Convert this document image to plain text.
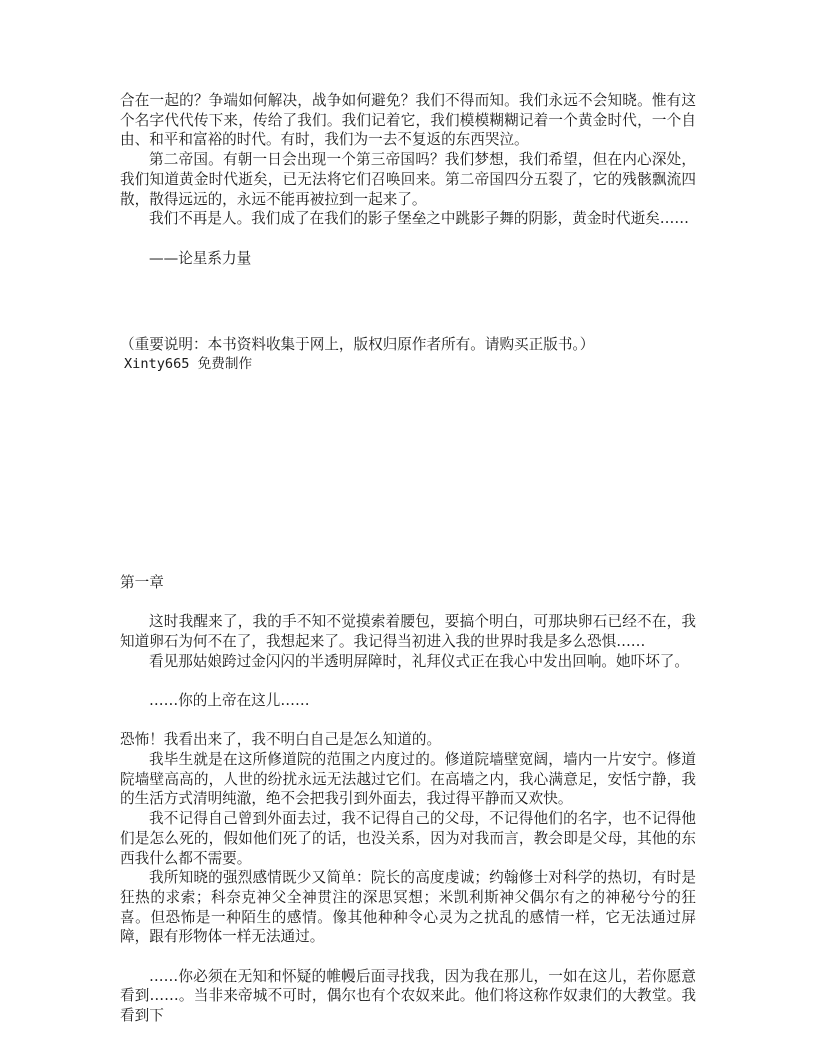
合在一起的？争端如何解决，战争如何避免？我们不得而知。我们永远不会知晓。惟有这个名字代代传下来，传给了我们。我们记着它，我们模模糊糊记着一个黄金时代，一个自由、和平和富裕的时代。有时，我们为一去不复返的东西哭泣。

第二帝国。有朝一日会出现一个第三帝国吗？我们梦想，我们希望，但在内心深处，我们知道黄金时代逝矣，已无法将它们召唤回来。第二帝国四分五裂了，它的残骸飘流四散，散得远远的，永远不能再被拉到一起来了。

我们不再是人。我们成了在我们的影子堡垒之中跳影子舞的阴影，黄金时代逝矣……

——论星系力量

（重要说明：本书资料收集于网上，版权归原作者所有。请购买正版书。）

Xinty665 免费制作

第一章

这时我醒来了，我的手不知不觉摸索着腰包，要搞个明白，可那块卵石已经不在，我知道卵石为何不在了，我想起来了。我记得当初进入我的世界时我是多么恐惧……

看见那姑娘跨过金闪闪的半透明屏障时，礼拜仪式正在我心中发出回响。她吓坏了。

……你的上帝在这儿……

恐怖！我看出来了，我不明白自己是怎么知道的。

我毕生就是在这所修道院的范围之内度过的。修道院墙壁宽阔，墙内一片安宁。修道院墙壁高高的，人世的纷扰永远无法越过它们。在高墙之内，我心满意足，安恬宁静，我的生活方式清明纯澈，绝不会把我引到外面去，我过得平静而又欢快。

我不记得自己曾到外面去过，我不记得自己的父母，不记得他们的名字，也不记得他们是怎么死的，假如他们死了的话，也没关系，因为对我而言，教会即是父母，其他的东西我什么都不需要。

我所知晓的强烈感情既少又简单：院长的高度虔诚；约翰修士对科学的热切，有时是狂热的求索；科奈克神父全神贯注的深思冥想；米凯利斯神父偶尔有之的神秘兮兮的狂喜。但恐怖是一种陌生的感情。像其他种种令心灵为之扰乱的感情一样，它无法通过屏障，跟有形物体一样无法通过。

……你必须在无知和怀疑的帷幔后面寻找我，因为我在那儿，一如在这儿，若你愿意看到……。当非来帝城不可时，偶尔也有个农奴来此。他们将这称作奴隶们的大教堂。我看到下
